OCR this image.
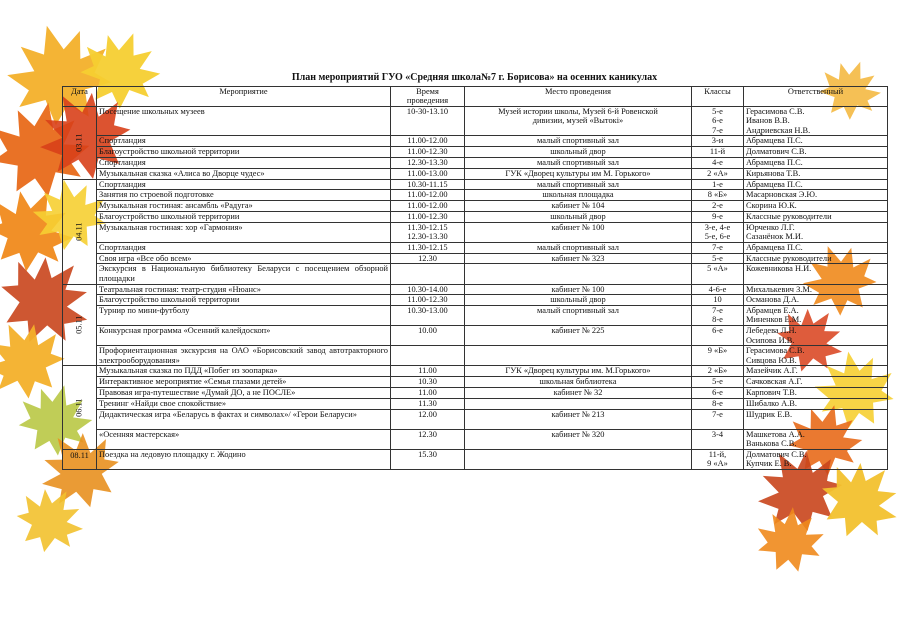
План мероприятий ГУО «Средняя школа№7 г. Борисова» на осенних каникулах
Дата	Мероприятие	Время
проведения	Место проведения	Классы	Ответственный
03.11	Посещение школьных музеев	10-30-13.10	Музей истории школы, Музей 6-й Ровенской
дивизии, музей «Вытокі»	5-е
6-е
7-е	Герасимова С.В.
Иванов В.В.
Андриевская Н.В.
	Спортландия	11.00-12.00	малый спортивный зал	3-и	Абрамцева П.С.
	Благоустройство школьной территории	11.00-12.30	школьный двор	11-й	Долматович С.В.
	Спортландия	12.30-13.30	малый спортивный зал	4-е	Абрамцева П.С.
	Музыкальная сказка «Алиса во Дворце чудес»	11.00-13.00	ГУК «Дворец культуры им М. Горького»	2 «А»	Кирьянова Т.В.
04.11	Спортландия	10.30-11.15	малый спортивный зал	1-е	Абрамцева П.С.
	Занятия по строевой подготовке	11.00-12.00	школьная площадка	8 «Б»	Масарновская Э.Ю.
	Музыкальная гостиная: ансамбль «Радуга»	11.00-12.00	кабинет № 104	2-е	Скорина Ю.К.
	Благоустройство школьной территории	11.00-12.30	школьный двор	9-е	Классные руководители
	Музыкальная гостиная: хор «Гармония»	11.30-12.15
12.30-13.30	кабинет № 100	3-е, 4-е
5-е, 6-е	Юрченко Л.Г.
Сазанёнок М.И.
	Спортландия	11.30-12.15	малый спортивный зал	7-е	Абрамцева П.С.
	Своя игра «Все обо всем»	12.30	кабинет № 323	5-е	Классные руководители
	Экскурсия в Национальную библиотеку Беларуси с посещением обзорной площадки			5 «А»	Кожевникова Н.И.
05.11	Театральная гостиная: театр-студия «Нюанс»	10.30-14.00	кабинет № 100	4-6-е	Михалькевич З.М.
	Благоустройство школьной территории	11.00-12.30	школьный двор	10	Османова Д.А.
	Турнир по мини-футболу	10.30-13.00	малый спортивный зал	7-е
8-е	Абрамцев Е.А.
Миненков Е.М.
	Конкурсная программа «Осенний калейдоскоп»	10.00	кабинет № 225	6-е	Лебедева Л.Н.
Осипова И.В.
	Профориентационная экскурсия на ОАО «Борисовский завод автотракторного электрооборудования»			9 «Б»	Герасимова С.В.
Сивцова Ю.В.
06.11	Музыкальная сказка по ПДД «Побег из зоопарка»	11.00	ГУК «Дворец культуры им. М.Горького»	2 «Б»	Мазейчик А.Г.
	Интерактивное мероприятие «Семья глазами детей»	10.30	школьная библиотека	5-е	Сачковская А.Г.
	Правовая игра-путешествие «Думай ДО, а не ПОСЛЕ»	11.00	кабинет № 32	6-е	Карпович Т.В.
	Тренинг «Найди свое спокойствие»	11.30		8-е	Шибалко А.В.
	Дидактическая игра «Беларусь в фактах и символах»/ «Герои Беларуси»	12.00	кабинет № 213	7-е	Шудрик Е.В.
	«Осенняя мастерская»	12.30	кабинет № 320	3-4	Машкетова А.А.
Ванькова С.В.
08.11	Поездка на ледовую площадку г. Жодино	15.30		11-й,
9 «А»	Долматович С.В.
Купчик Е. В.
